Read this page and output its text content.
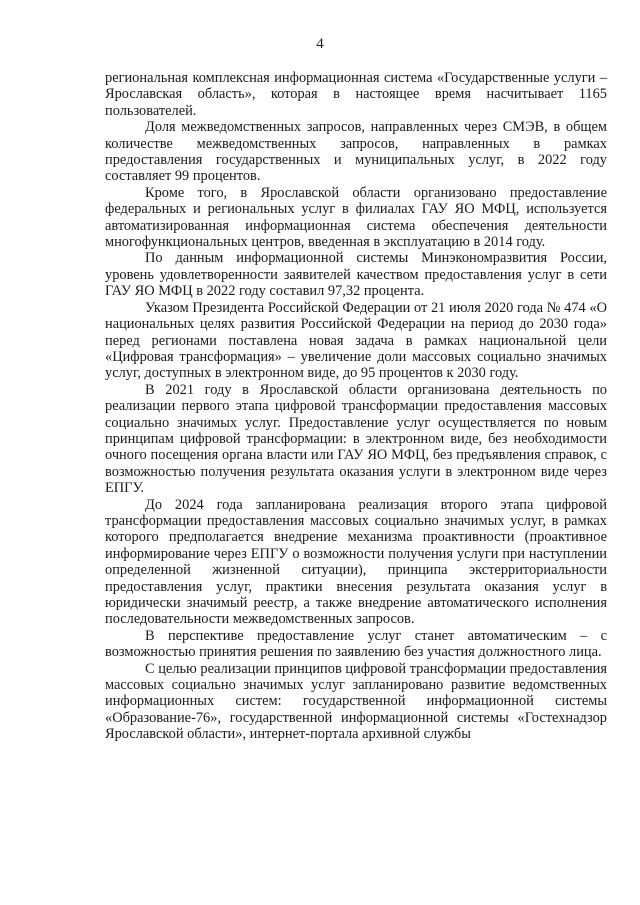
4

региональная комплексная информационная система «Государственные услуги – Ярославская область», которая в настоящее время насчитывает 1165 пользователей.

Доля межведомственных запросов, направленных через СМЭВ, в общем количестве межведомственных запросов, направленных в рамках предоставления государственных и муниципальных услуг, в 2022 году составляет 99 процентов.

Кроме того, в Ярославской области организовано предоставление федеральных и региональных услуг в филиалах ГАУ ЯО МФЦ, используется автоматизированная информационная система обеспечения деятельности многофункциональных центров, введенная в эксплуатацию в 2014 году.

По данным информационной системы Минэкономразвития России, уровень удовлетворенности заявителей качеством предоставления услуг в сети ГАУ ЯО МФЦ в 2022 году составил 97,32 процента.

Указом Президента Российской Федерации от 21 июля 2020 года № 474 «О национальных целях развития Российской Федерации на период до 2030 года» перед регионами поставлена новая задача в рамках национальной цели «Цифровая трансформация» – увеличение доли массовых социально значимых услуг, доступных в электронном виде, до 95 процентов к 2030 году.

В 2021 году в Ярославской области организована деятельность по реализации первого этапа цифровой трансформации предоставления массовых социально значимых услуг. Предоставление услуг осуществляется по новым принципам цифровой трансформации: в электронном виде, без необходимости очного посещения органа власти или ГАУ ЯО МФЦ, без предъявления справок, с возможностью получения результата оказания услуги в электронном виде через ЕПГУ.

До 2024 года запланирована реализация второго этапа цифровой трансформации предоставления массовых социально значимых услуг, в рамках которого предполагается внедрение механизма проактивности (проактивное информирование через ЕПГУ о возможности получения услуги при наступлении определенной жизненной ситуации), принципа экстерриториальности предоставления услуг, практики внесения результата оказания услуг в юридически значимый реестр, а также внедрение автоматического исполнения последовательности межведомственных запросов.

В перспективе предоставление услуг станет автоматическим – с возможностью принятия решения по заявлению без участия должностного лица.

С целью реализации принципов цифровой трансформации предоставления массовых социально значимых услуг запланировано развитие ведомственных информационных систем: государственной информационной системы «Образование-76», государственной информационной системы «Гостехнадзор Ярославской области», интернет-портала архивной службы
